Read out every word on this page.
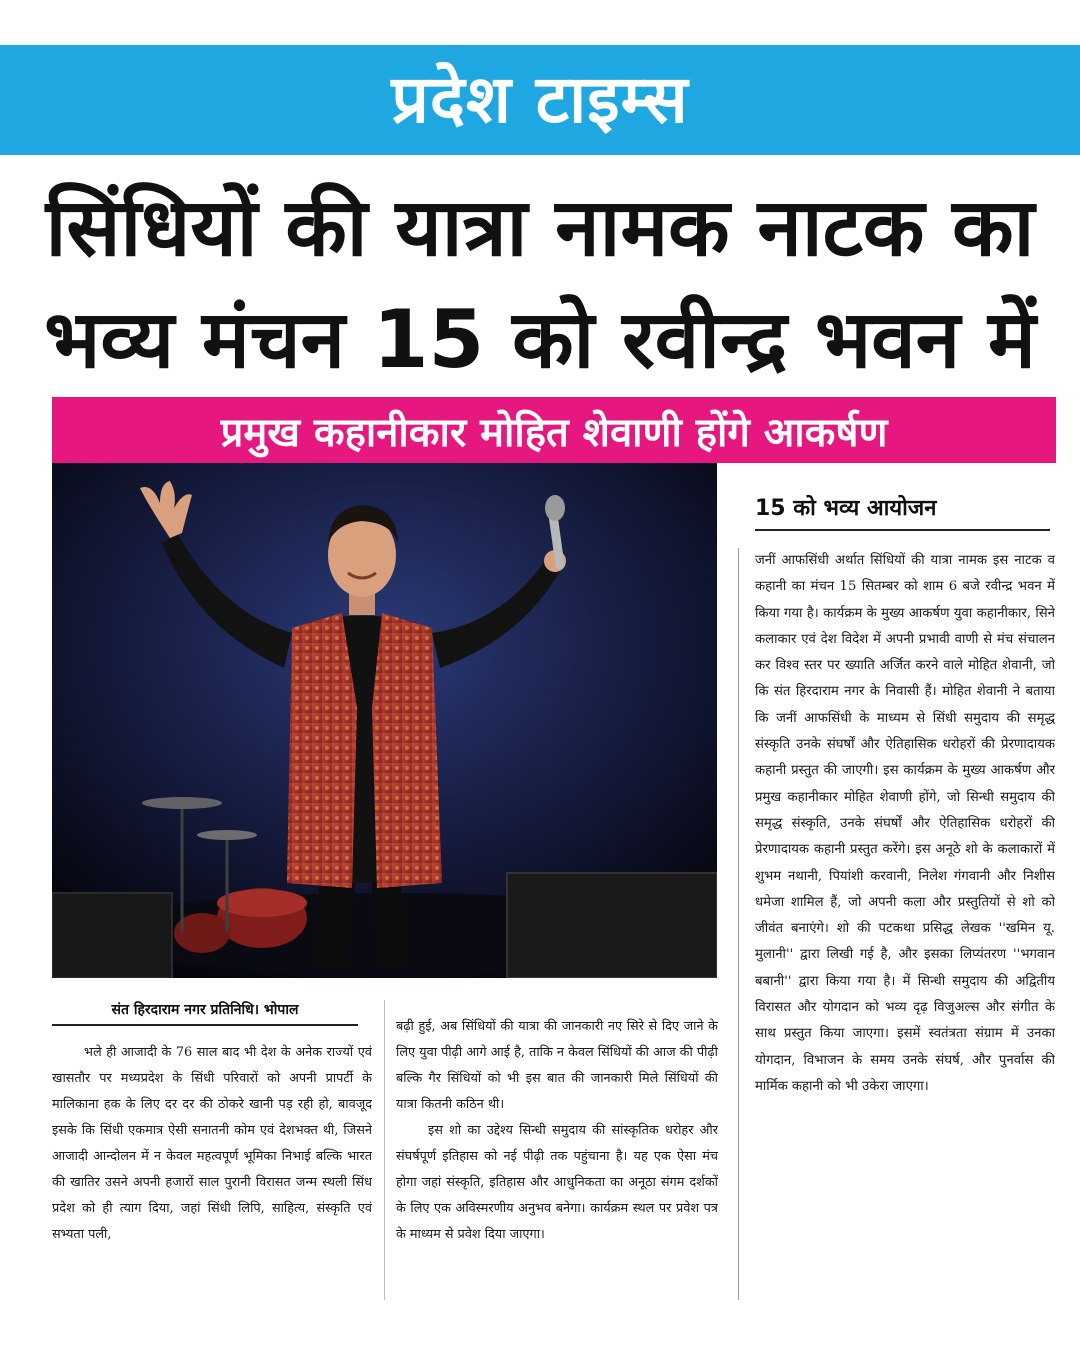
प्रदेश टाइम्स
सिंधियों की यात्रा नामक नाटक का
भव्य मंचन 15 को रवीन्द्र भवन में
प्रमुख कहानीकार मोहित शेवाणी होंगे आकर्षण
15 को भव्य आयोजन
जनीं आफसिंधी अर्थात सिंधियों की यात्रा नामक इस नाटक व कहानी का मंचन 15 सितम्बर को शाम 6 बजे रवीन्द्र भवन में किया गया है। कार्यक्रम के मुख्य आकर्षण युवा कहानीकार, सिने कलाकार एवं देश विदेश में अपनी प्रभावी वाणी से मंच संचालन कर विश्व स्तर पर ख्याति अर्जित करने वाले मोहित शेवानी, जो कि संत हिरदाराम नगर के निवासी हैं। मोहित शेवानी ने बताया कि जनीं आफसिंधी के माध्यम से सिंधी समुदाय की समृद्ध संस्कृति उनके संघर्षों और ऐतिहासिक धरोहरों की प्रेरणादायक कहानी प्रस्तुत की जाएगी। इस कार्यक्रम के मुख्य आकर्षण और प्रमुख कहानीकार मोहित शेवाणी होंगे, जो सिन्धी समुदाय की समृद्ध संस्कृति, उनके संघर्षों और ऐतिहासिक धरोहरों की प्रेरणादायक कहानी प्रस्तुत करेंगे। इस अनूठे शो के कलाकारों में शुभम नथानी, पियांशी करवानी, निलेश गंगवानी और निशीस धमेजा शामिल हैं, जो अपनी कला और प्रस्तुतियों से शो को जीवंत बनाएंगे। शो की पटकथा प्रसिद्ध लेखक ''खमिन यू. मुलानी'' द्वारा लिखी गई है, और इसका लिप्यंतरण ''भगवान बबानी'' द्वारा किया गया है। में सिन्धी समुदाय की अद्वितीय विरासत और योगदान को भव्य दृढ़ विजुअल्स और संगीत के साथ प्रस्तुत किया जाएगा। इसमें स्वतंत्रता संग्राम में उनका योगदान, विभाजन के समय उनके संघर्ष, और पुनर्वास की मार्मिक कहानी को भी उकेरा जाएगा।
संत हिरदाराम नगर प्रतिनिधि। भोपाल
भले ही आजादी के 76 साल बाद भी देश के अनेक राज्यों एवं खासतौर पर मध्यप्रदेश के सिंधी परिवारों को अपनी प्रापर्टी के मालिकाना हक के लिए दर दर की ठोकरे खानी पड़ रही हो, बावजूद इसके कि सिंधी एकमात्र ऐसी सनातनी कोम एवं देशभक्त थी, जिसने आजादी आन्दोलन में न केवल महत्वपूर्ण भूमिका निभाई बल्कि भारत की खातिर उसने अपनी हजारों साल पुरानी विरासत जन्म स्थली सिंध प्रदेश को ही त्याग दिया, जहां सिंधी लिपि, साहित्य, संस्कृति एवं सभ्यता पली,
बढ़ी हुई, अब सिंधियों की यात्रा की जानकारी नए सिरे से दिए जाने के लिए युवा पीढ़ी आगे आई है, ताकि न केवल सिंधियों की आज की पीढ़ी बल्कि गैर सिंधियों को भी इस बात की जानकारी मिले सिंधियों की यात्रा कितनी कठिन थी।
इस शो का उद्देश्य सिन्धी समुदाय की सांस्कृतिक धरोहर और संघर्षपूर्ण इतिहास को नई पीढ़ी तक पहुंचाना है। यह एक ऐसा मंच होगा जहां संस्कृति, इतिहास और आधुनिकता का अनूठा संगम दर्शकों के लिए एक अविस्मरणीय अनुभव बनेगा। कार्यक्रम स्थल पर प्रवेश पत्र के माध्यम से प्रवेश दिया जाएगा।
